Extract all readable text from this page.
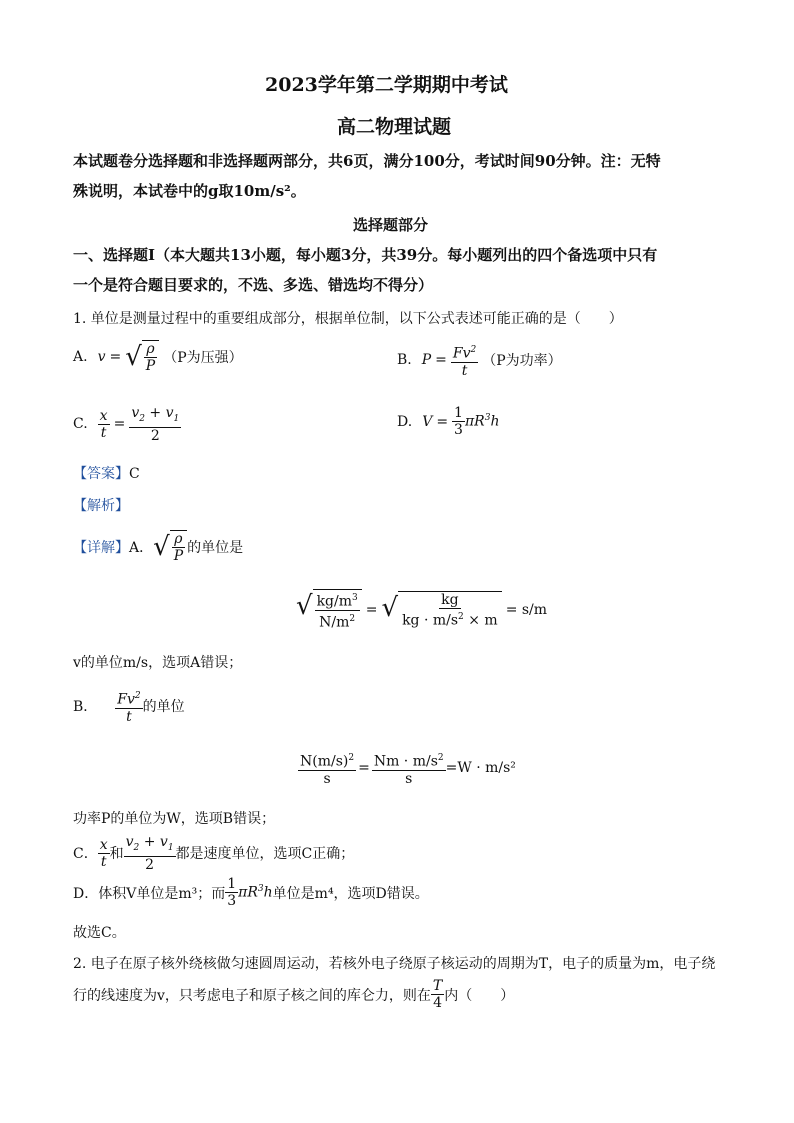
2023学年第二学期期中考试
高二物理试题
本试题卷分选择题和非选择题两部分，共6页，满分100分，考试时间90分钟。注：无特
殊说明，本试卷中的g取10m/s²。
选择题部分
一、选择题Ⅰ（本大题共13小题，每小题3分，共39分。每小题列出的四个备选项中只有
一个是符合题目要求的，不选、多选、错选均不得分）
1. 单位是测量过程中的重要组成部分，根据单位制，以下公式表述可能正确的是（　　）
A. v = √ $\frac{\rho}{P} (P$为压强）	B. $P = \frac{Fv^2}{t} (P$为功率）
C. $\frac{x}{t} = \frac{v_2 + v_1}{2}$	D. $V = \frac{1}{3} \pi R^3h$
【答案】C
【解析】
【详解】 A． √ $\frac{\rho}{P}$ 的单位是
√ $\frac{kg/m^3}{N/m^2}$ = √ $\frac{kg}{kg \cdot m/s^2 \times m} = s/m$
v的单位m/s，选项A错误；
B． $\frac{Fv^2}{t}$ 的单位
$\frac{N(m/s)^2}{s} = \frac{Nm \cdot m/s^2}{s} =W \cdot m/s^2$
功率P的单位为W，选项B错误；
C． $\frac{x}{t}$ 和 $\frac{v_2 + v_1}{2}$ 都是速度单位，选项C正确；
D．体积V单位是m³；而 $\frac{1}{3} \pi R^3h$ 单位是m⁴，选项D错误。
故选C。
2. 电子在原子核外绕核做匀速圆周运动，若核外电子绕原子核运动的周期为T，电子的质量为m，电子绕
行的线速度为v，只考虑电子和原子核之间的库仑力，则在 $\frac{T}{4}$ 内（　　）
